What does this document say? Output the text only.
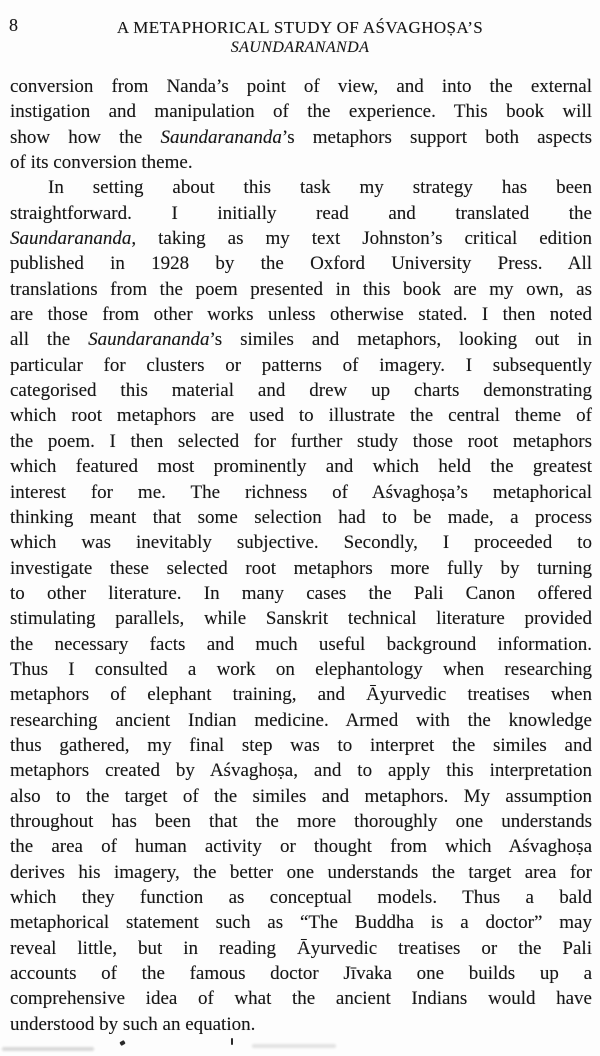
8	A METAPHORICAL STUDY OF AŚVAGHOṢA’S
SAUNDARANANDA
conversion from Nanda’s point of view, and into the external
instigation and manipulation of the experience. This book will
show how the Saundarananda’s metaphors support both aspects
of its conversion theme.
In setting about this task my strategy has been
straightforward. I initially read and translated the
Saundarananda, taking as my text Johnston’s critical edition
published in 1928 by the Oxford University Press. All
translations from the poem presented in this book are my own, as
are those from other works unless otherwise stated. I then noted
all the Saundarananda’s similes and metaphors, looking out in
particular for clusters or patterns of imagery. I subsequently
categorised this material and drew up charts demonstrating
which root metaphors are used to illustrate the central theme of
the poem. I then selected for further study those root metaphors
which featured most prominently and which held the greatest
interest for me. The richness of Aśvaghoṣa’s metaphorical
thinking meant that some selection had to be made, a process
which was inevitably subjective. Secondly, I proceeded to
investigate these selected root metaphors more fully by turning
to other literature. In many cases the Pali Canon offered
stimulating parallels, while Sanskrit technical literature provided
the necessary facts and much useful background information.
Thus I consulted a work on elephantology when researching
metaphors of elephant training, and Āyurvedic treatises when
researching ancient Indian medicine. Armed with the knowledge
thus gathered, my final step was to interpret the similes and
metaphors created by Aśvaghoṣa, and to apply this interpretation
also to the target of the similes and metaphors. My assumption
throughout has been that the more thoroughly one understands
the area of human activity or thought from which Aśvaghoṣa
derives his imagery, the better one understands the target area for
which they function as conceptual models. Thus a bald
metaphorical statement such as “The Buddha is a doctor” may
reveal little, but in reading Āyurvedic treatises or the Pali
accounts of the famous doctor Jīvaka one builds up a
comprehensive idea of what the ancient Indians would have
understood by such an equation.
